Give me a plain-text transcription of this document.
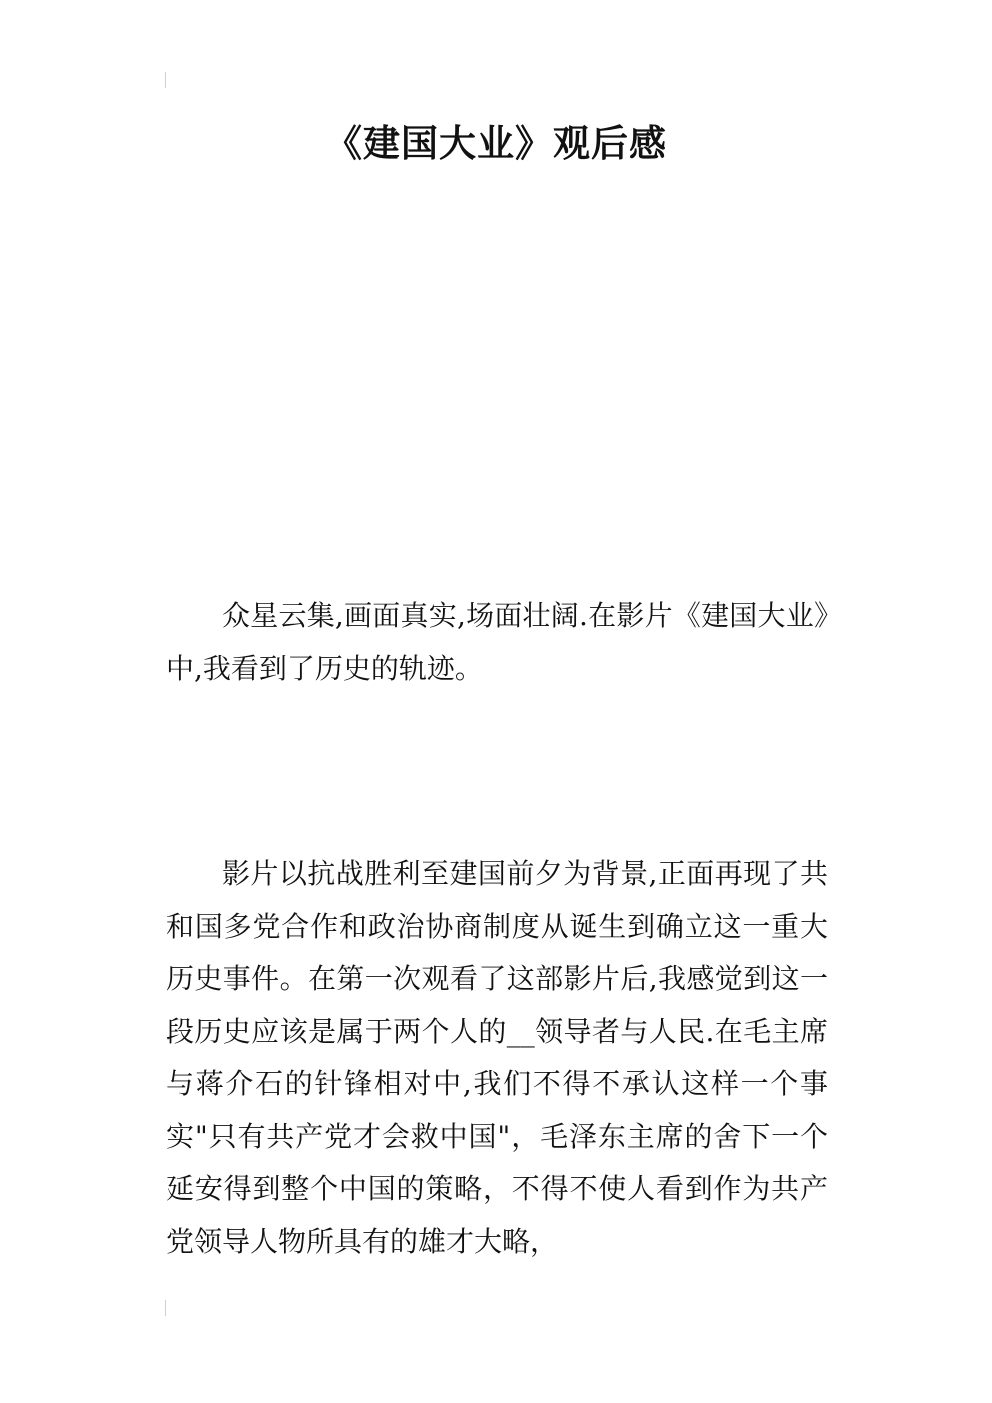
《建国大业》观后感

众星云集,画面真实,场面壮阔.在影片《建国大业》中,我看到了历史的轨迹。

影片以抗战胜利至建国前夕为背景,正面再现了共和国多党合作和政治协商制度从诞生到确立这一重大历史事件。在第一次观看了这部影片后,我感觉到这一段历史应该是属于两个人的__领导者与人民.在毛主席与蒋介石的针锋相对中,我们不得不承认这样一个事实"只有共产党才会救中国"，毛泽东主席的舍下一个延安得到整个中国的策略，不得不使人看到作为共产党领导人物所具有的雄才大略，
